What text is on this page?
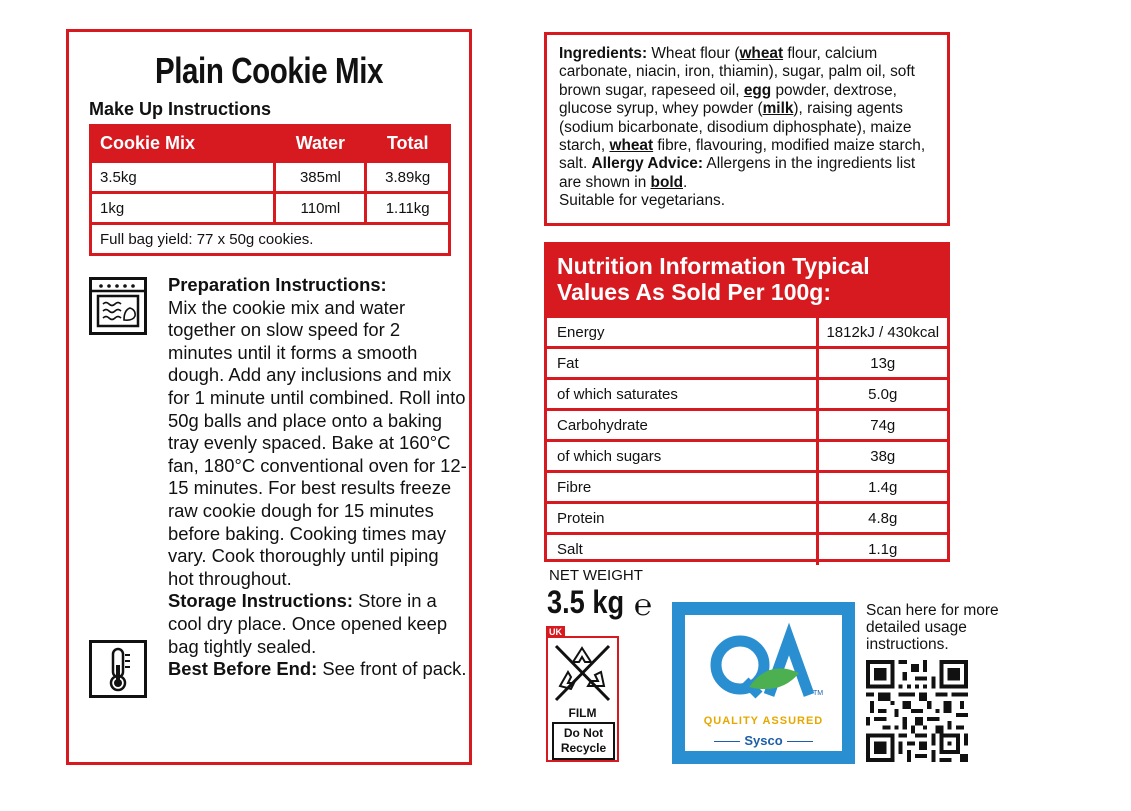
Plain Cookie Mix
Make Up Instructions
Cookie Mix	Water	Total
3.5kg	385ml	3.89kg
1kg	110ml	1.11kg
Full bag yield: 77 x 50g cookies.		
Preparation Instructions:
Mix the cookie mix and water together on slow speed for 2 minutes until it forms a smooth dough. Add any inclusions and mix for 1 minute until combined. Roll into 50g balls and place onto a baking tray evenly spaced. Bake at 160°C fan, 180°C conventional oven for 12-15 minutes. For best results freeze raw cookie dough for 15 minutes before baking. Cooking times may vary. Cook thoroughly until piping hot throughout.
Storage Instructions: Store in a cool dry place. Once opened keep bag tightly sealed.
Best Before End: See front of pack.
Ingredients: Wheat flour (wheat flour, calcium carbonate, niacin, iron, thiamin), sugar, palm oil, soft brown sugar, rapeseed oil, egg powder, dextrose, glucose syrup, whey powder (milk), raising agents (sodium bicarbonate, disodium diphosphate), maize starch, wheat fibre, flavouring, modified maize starch, salt. Allergy Advice: Allergens in the ingredients list are shown in bold.
Suitable for vegetarians.
Nutrition Information Typical Values As Sold Per 100g:
Energy	1812kJ / 430kcal
Fat	13g
of which saturates	5.0g
Carbohydrate	74g
of which sugars	38g
Fibre	1.4g
Protein	4.8g
Salt	1.1g
NET WEIGHT
3.5 kg ℮
UK
FILM
Do Not
Recycle
TM
QUALITY ASSURED
Sysco
Scan here for more detailed usage instructions.
